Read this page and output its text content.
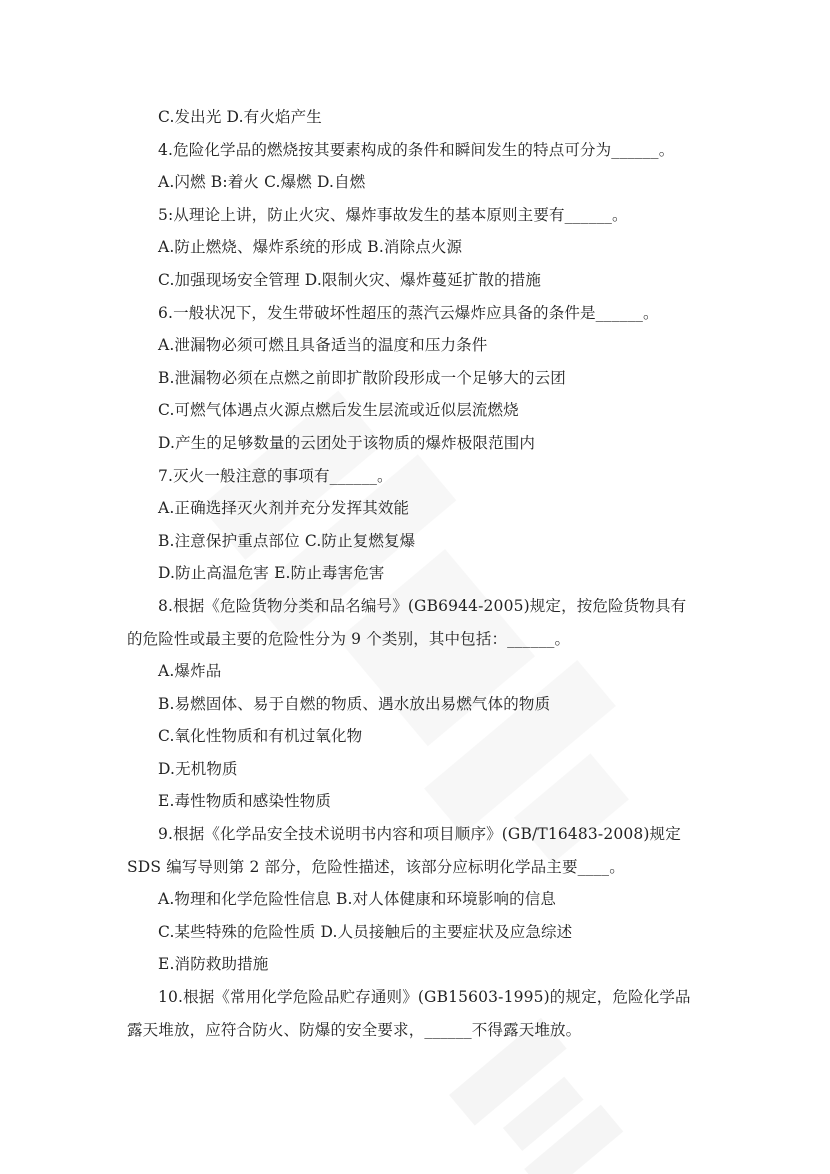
C.发出光 D.有火焰产生
4.危险化学品的燃烧按其要素构成的条件和瞬间发生的特点可分为______。
A.闪燃 B:着火 C.爆燃 D.自燃
5:从理论上讲，防止火灾、爆炸事故发生的基本原则主要有______。
A.防止燃烧、爆炸系统的形成 B.消除点火源
C.加强现场安全管理 D.限制火灾、爆炸蔓延扩散的措施
6.一般状况下，发生带破坏性超压的蒸汽云爆炸应具备的条件是______。
A.泄漏物必须可燃且具备适当的温度和压力条件
B.泄漏物必须在点燃之前即扩散阶段形成一个足够大的云团
C.可燃气体遇点火源点燃后发生层流或近似层流燃烧
D.产生的足够数量的云团处于该物质的爆炸极限范围内
7.灭火一般注意的事项有______。
A.正确选择灭火剂并充分发挥其效能
B.注意保护重点部位 C.防止复燃复爆
D.防止高温危害 E.防止毒害危害
8.根据《危险货物分类和品名编号》(GB6944-2005)规定，按危险货物具有
的危险性或最主要的危险性分为 9 个类别，其中包括：______。
A.爆炸品
B.易燃固体、易于自燃的物质、遇水放出易燃气体的物质
C.氧化性物质和有机过氧化物
D.无机物质
E.毒性物质和感染性物质
9.根据《化学品安全技术说明书内容和项目顺序》(GB/T16483-2008)规定
SDS 编写导则第 2 部分，危险性描述，该部分应标明化学品主要____。
A.物理和化学危险性信息 B.对人体健康和环境影响的信息
C.某些特殊的危险性质 D.人员接触后的主要症状及应急综述
E.消防救助措施
10.根据《常用化学危险品贮存通则》(GB15603-1995)的规定，危险化学品
露天堆放，应符合防火、防爆的安全要求，______不得露天堆放。
